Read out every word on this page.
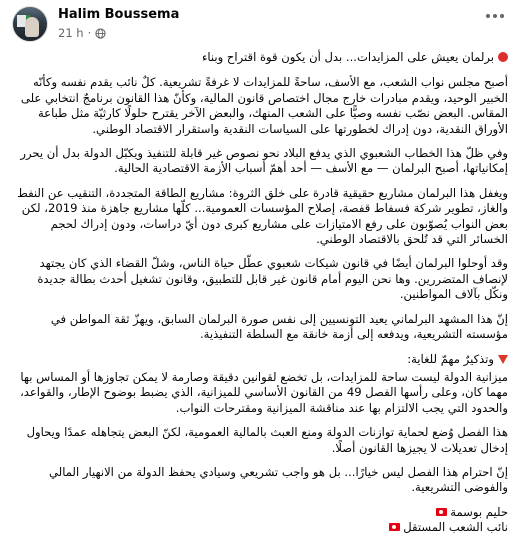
Halim Boussema
21 h ·

برلمان يعيش على المزايدات... بدل أن يكون قوة اقتراح وبناء

أصبح مجلس نواب الشعب، مع الأسف، ساحةً للمزايدات لا غرفةً تشريعية. كلٌ نائب يقدم نفسه وكأنّه الخبير الوحيد، ويقدم مبادرات خارج مجال اختصاص قانون المالية، وكأنّ هذا القانون برنامجٌ انتخابي على المقاس. البعض نصّب نفسه وصيًّا على الشعب المنهك، والبعض الآخر يقترح حلولًا كارثيّة مثل طباعة الأوراق النقدية، دون إدراك لخطورتها على السياسات النقدية واستقرار الاقتصاد الوطني.

وفي ظلّ هذا الخطاب الشعبوي الذي يدفع البلاد نحو نصوص غير قابلة للتنفيذ ويكبّل الدولة بدل أن يحرر إمكانياتها، أصبح البرلمان — مع الأسف — أحد أهمّ أسباب الأزمة الاقتصادية الحالية.

ويغفل هذا البرلمان مشاريع حقيقية قادرة على خلق الثروة: مشاريع الطاقة المتجددة، التنقيب عن النفط والغاز، تطوير شركة فسفاط قفصة، إصلاح المؤسسات العمومية... كلّها مشاريع جاهزة منذ 2019، لكن بعض النواب يُصوّبون على رفع الامتيازات على مشاريع كبرى دون أيّ دراسات، ودون إدراك لحجم الخسائر التي قد تُلحق بالاقتصاد الوطني.

وقد أوحلوا البرلمان أيضًا في قانون شيكات شعبوي عطّل حياة الناس، وشلّ القضاء الذي كان يجتهد لإنصاف المتضررين. وها نحن اليوم أمام قانون غير قابل للتطبيق، وقانون تشغيل أحدث بطالة جديدة ونكّل بآلاف المواطنين.

إنّ هذا المشهد البرلماني يعيد التونسيين إلى نفس صورة البرلمان السابق، ويهزّ ثقة المواطن في مؤسسته التشريعية، ويدفعه إلى أزمة خانقة مع السلطة التنفيذية.

وتذكيرٌ مهمّ للغاية:

ميزانية الدولة ليست ساحة للمزايدات، بل تخضع لقوانين دقيقة وصارمة لا يمكن تجاوزها أو المساس بها مهما كان، وعلى رأسها الفصل 49 من القانون الأساسي للميزانية، الذي يضبط بوضوح الإطار، والقواعد، والحدود التي يجب الالتزام بها عند مناقشة الميزانية ومقترحات النواب.

هذا الفصل وُضع لحماية توازنات الدولة ومنع العبث بالمالية العمومية، لكنّ البعض يتجاهله عمدًا ويحاول إدخال تعديلات لا يجيزها القانون أصلًا.

إنّ احترام هذا الفصل ليس خيارًا... بل هو واجب تشريعي وسيادي يحفظ الدولة من الانهيار المالي والفوضى التشريعية.

حليم بوسمة
نائب الشعب المستقل
